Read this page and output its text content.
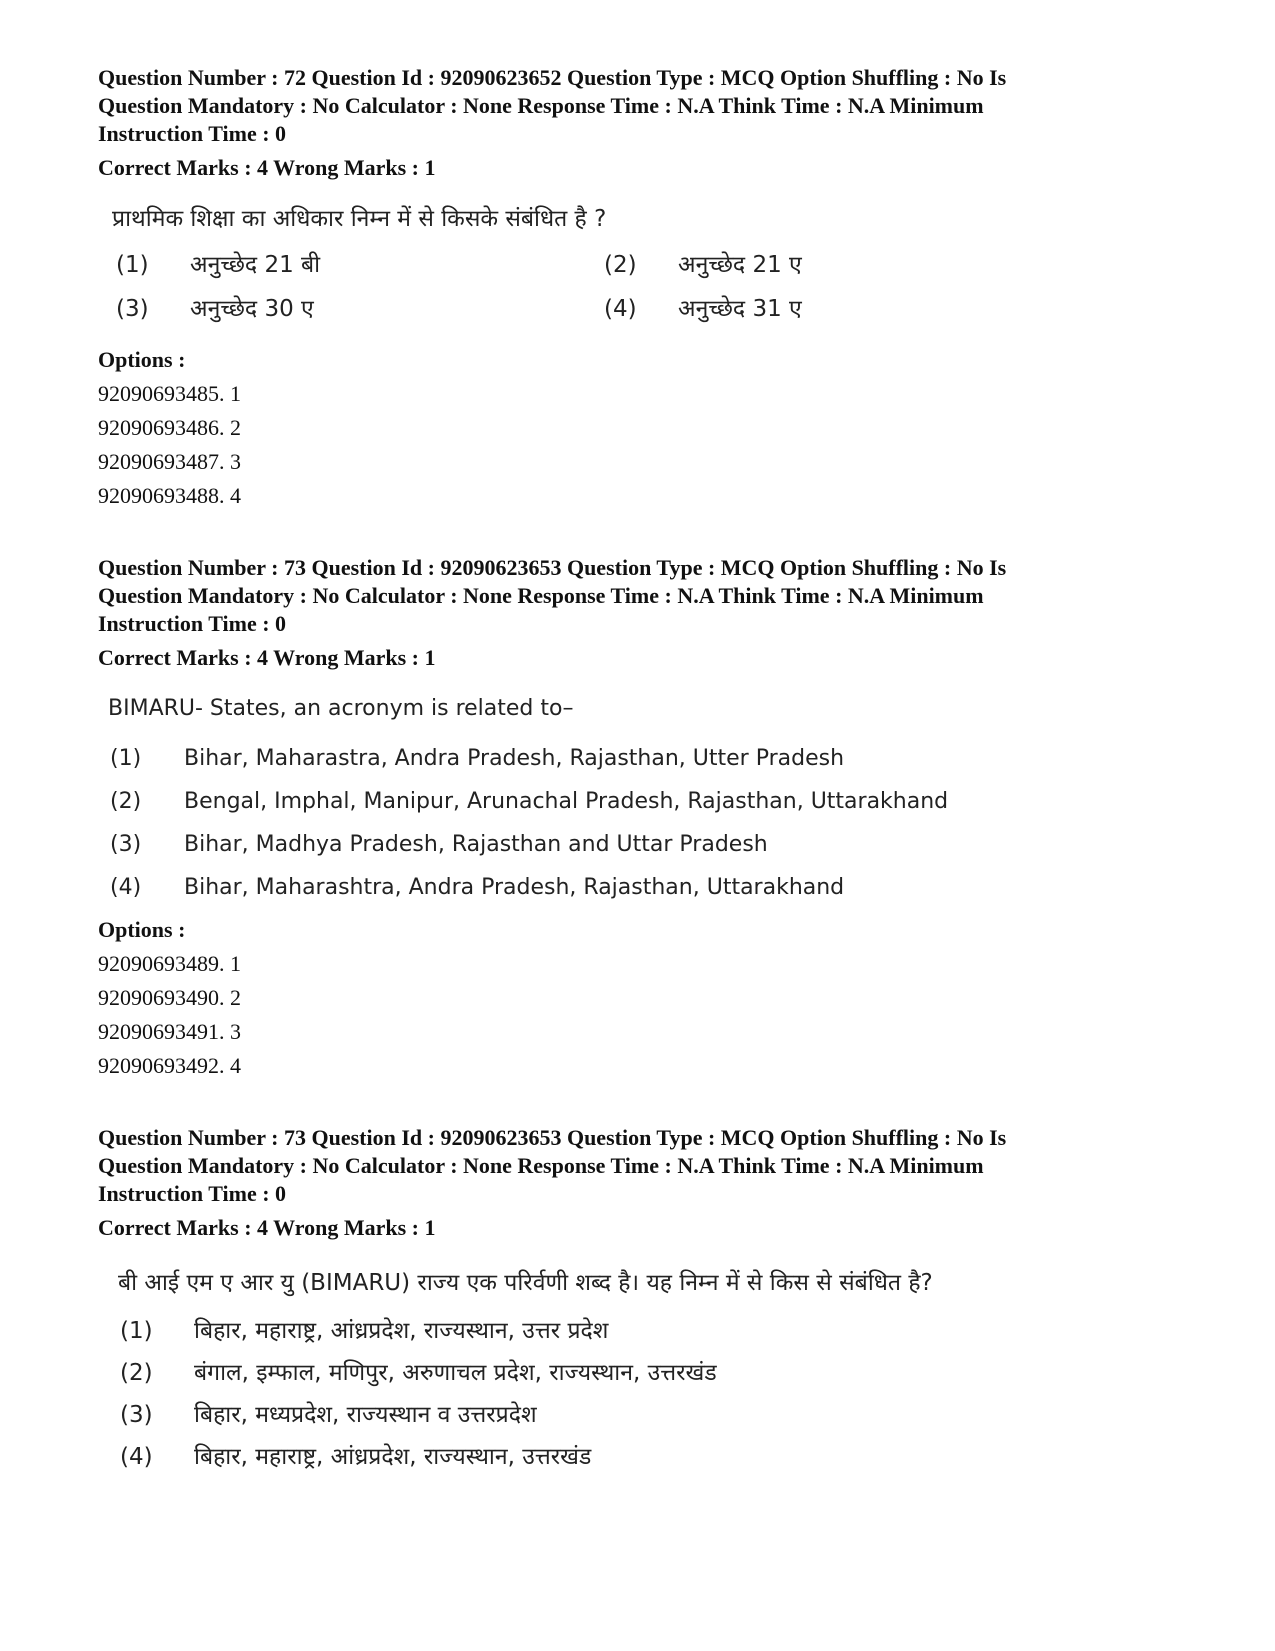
Question Number : 72 Question Id : 92090623652 Question Type : MCQ Option Shuffling : No Is
Question Mandatory : No Calculator : None Response Time : N.A Think Time : N.A Minimum
Instruction Time : 0
Correct Marks : 4 Wrong Marks : 1
प्राथमिक शिक्षा का अधिकार निम्न में से किसके संबंधित है ?
(1)	अनुच्छेद 21 बी	(2)	अनुच्छेद 21 ए
(3)	अनुच्छेद 30 ए	(4)	अनुच्छेद 31 ए
Options :
92090693485. 1
92090693486. 2
92090693487. 3
92090693488. 4
Question Number : 73 Question Id : 92090623653 Question Type : MCQ Option Shuffling : No Is
Question Mandatory : No Calculator : None Response Time : N.A Think Time : N.A Minimum
Instruction Time : 0
Correct Marks : 4 Wrong Marks : 1
BIMARU- States, an acronym is related to–
(1)	Bihar, Maharastra, Andra Pradesh, Rajasthan, Utter Pradesh
(2)	Bengal, Imphal, Manipur, Arunachal Pradesh, Rajasthan, Uttarakhand
(3)	Bihar, Madhya Pradesh, Rajasthan and Uttar Pradesh
(4)	Bihar, Maharashtra, Andra Pradesh, Rajasthan, Uttarakhand
Options :
92090693489. 1
92090693490. 2
92090693491. 3
92090693492. 4
Question Number : 73 Question Id : 92090623653 Question Type : MCQ Option Shuffling : No Is
Question Mandatory : No Calculator : None Response Time : N.A Think Time : N.A Minimum
Instruction Time : 0
Correct Marks : 4 Wrong Marks : 1
बी आई एम ए आर यु (BIMARU) राज्य एक परिर्वणी शब्द है। यह निम्न में से किस से संबंधित है?
(1)	बिहार, महाराष्ट्र, आंध्रप्रदेश, राज्यस्थान, उत्तर प्रदेश
(2)	बंगाल, इम्फाल, मणिपुर, अरुणाचल प्रदेश, राज्यस्थान, उत्तरखंड
(3)	बिहार, मध्यप्रदेश, राज्यस्थान व उत्तरप्रदेश
(4)	बिहार, महाराष्ट्र, आंध्रप्रदेश, राज्यस्थान, उत्तरखंड
